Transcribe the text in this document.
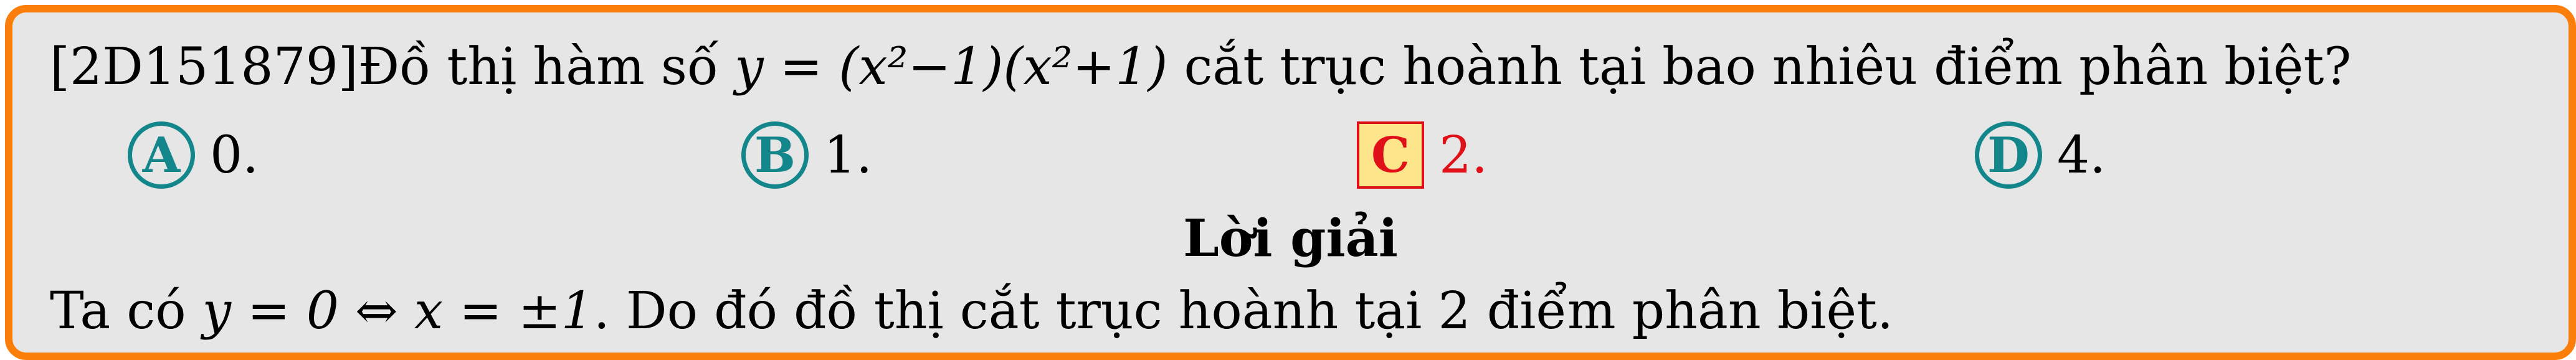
[2D151879]Đồ thị hàm số y = (x²−1)(x²+1) cắt trục hoành tại bao nhiêu điểm phân biệt?
A 0.	B 1.	C 2.	D 4.
Lời giải
Ta có y = 0 ⇔ x = ±1. Do đó đồ thị cắt trục hoành tại 2 điểm phân biệt.
